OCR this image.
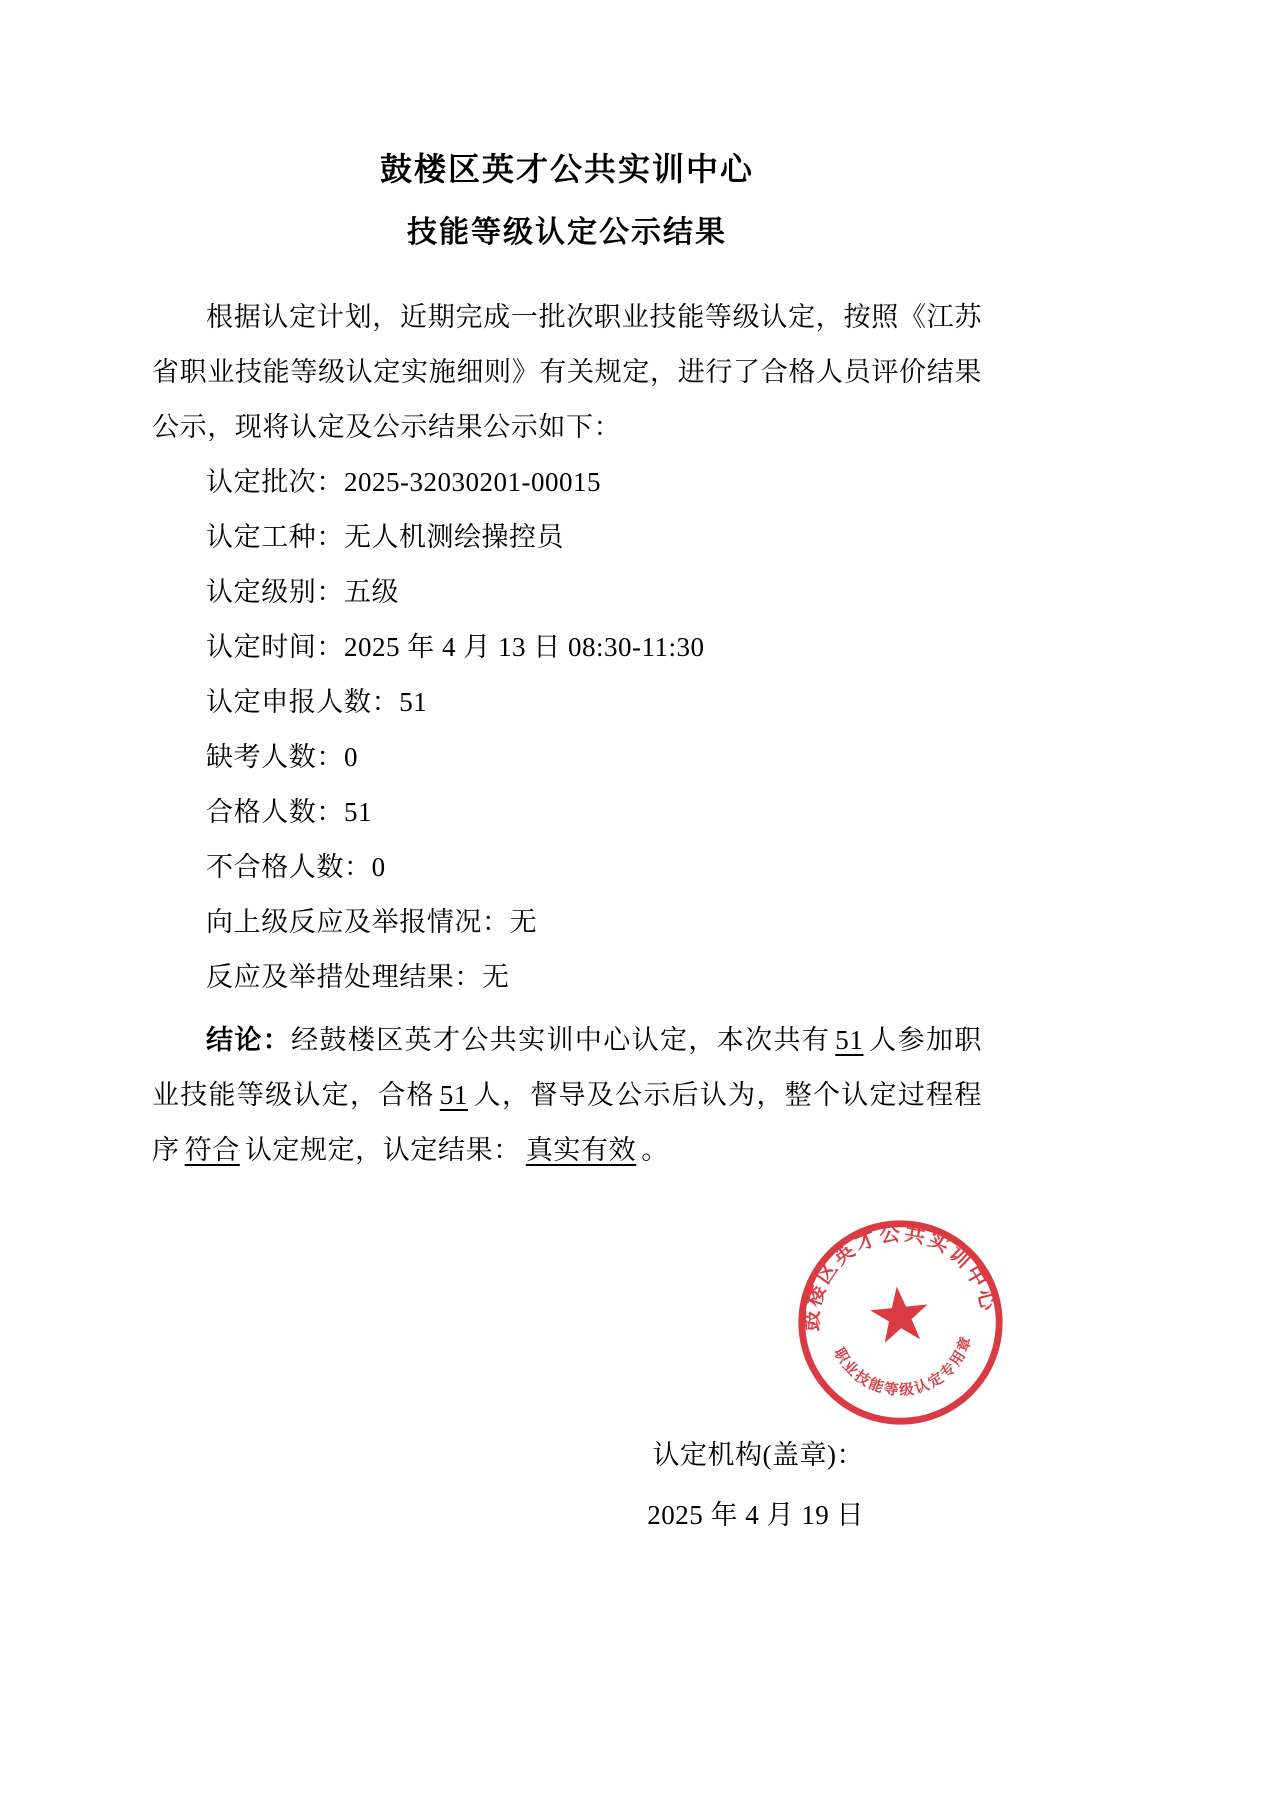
鼓楼区英才公共实训中心
技能等级认定公示结果

根据认定计划，近期完成一批次职业技能等级认定，按照《江苏省职业技能等级认定实施细则》有关规定，进行了合格人员评价结果公示，现将认定及公示结果公示如下：

认定批次：2025-32030201-00015
认定工种：无人机测绘操控员
认定级别：五级
认定时间：2025 年 4 月 13 日 08:30-11:30
认定申报人数：51
缺考人数：0
合格人数：51
不合格人数：0
向上级反应及举报情况：无
反应及举措处理结果：无

结论：经鼓楼区英才公共实训中心认定，本次共有 51 人参加职业技能等级认定，合格 51 人，督导及公示后认为，整个认定过程程序 符合 认定规定，认定结果： 真实有效 。

认定机构(盖章)：
2025 年 4 月 19 日
鼓楼区英才公共实训中心
职业技能等级认定专用章
